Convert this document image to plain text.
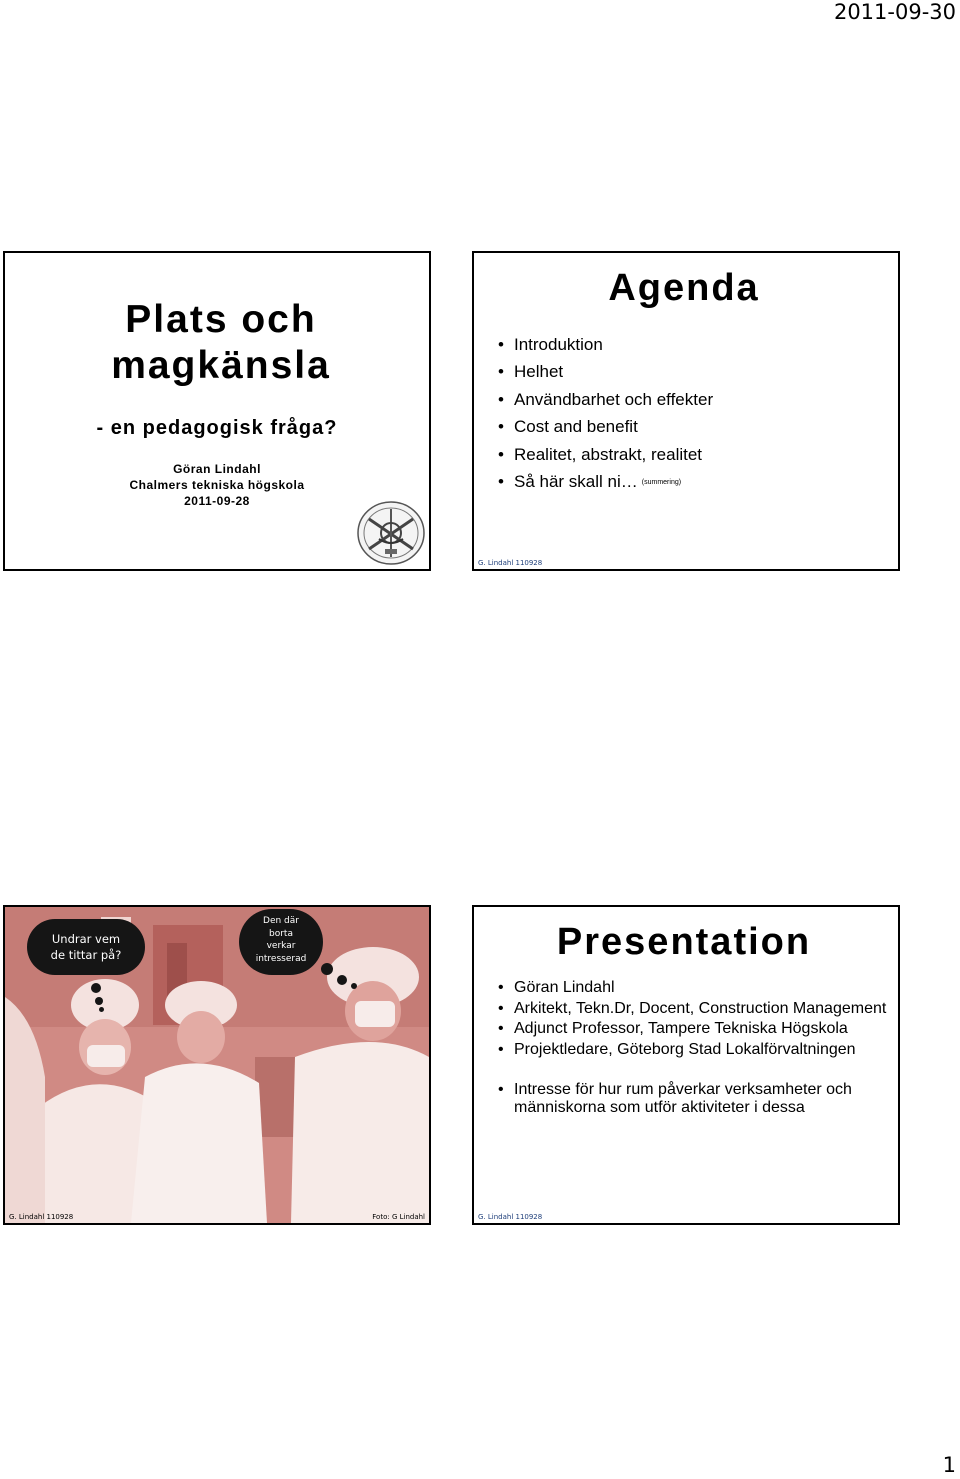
2011-09-30
Plats och
magkänsla
- en pedagogisk fråga?
Göran Lindahl
Chalmers tekniska högskola
2011-09-28
Agenda
• Introduktion
• Helhet
• Användbarhet och effekter
• Cost and benefit
• Realitet, abstrakt, realitet
• Så här skall ni… (summering)
G. Lindahl 110928
Undrar vem
de tittar på?
Den där
borta
verkar
intresserad
G. Lindahl 110928	Foto: G Lindahl
Presentation
• Göran Lindahl
• Arkitekt, Tekn.Dr, Docent, Construction Management
• Adjunct Professor, Tampere Tekniska Högskola
• Projektledare, Göteborg Stad Lokalförvaltningen
• Intresse för hur rum påverkar verksamheter och människorna som utför aktiviteter i dessa
G. Lindahl 110928
1
